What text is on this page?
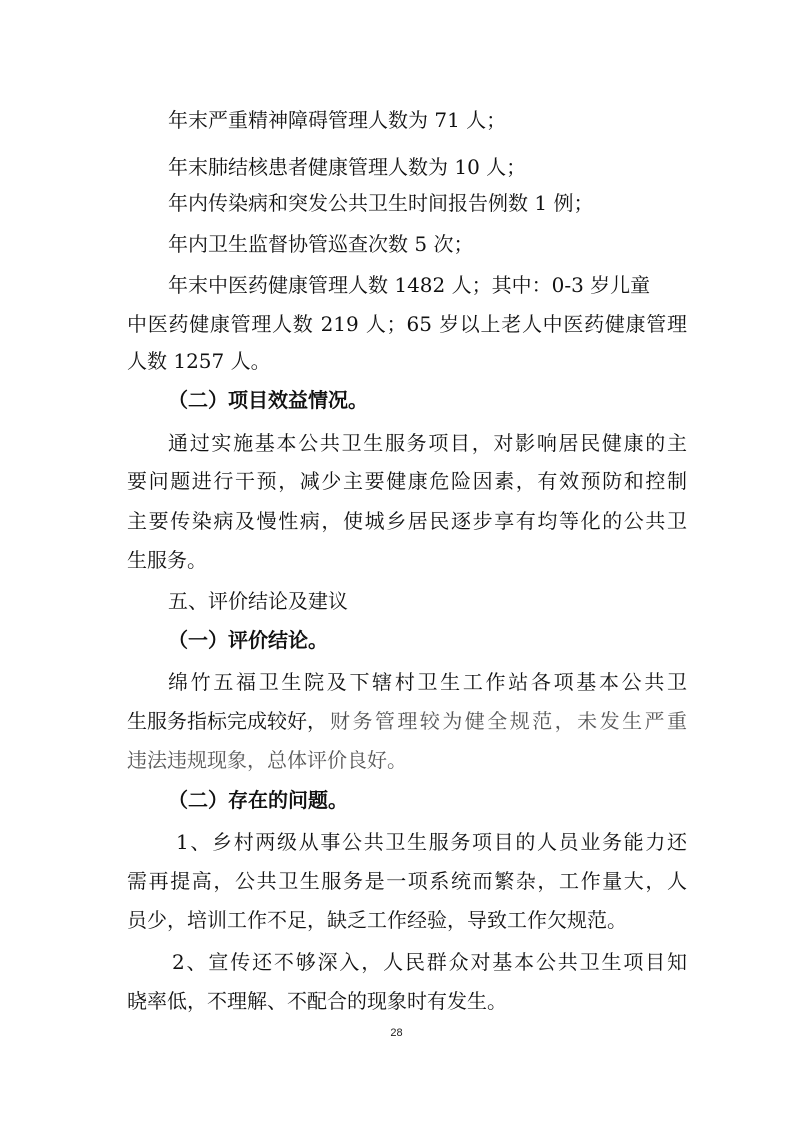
年末严重精神障碍管理人数为 71 人；
年末肺结核患者健康管理人数为 10 人；
年内传染病和突发公共卫生时间报告例数 1 例；
年内卫生监督协管巡查次数 5 次；
年末中医药健康管理人数 1482 人；其中：0-3 岁儿童
中医药健康管理人数 219 人；65 岁以上老人中医药健康管理
人数 1257 人。
（二）项目效益情况。
通过实施基本公共卫生服务项目，对影响居民健康的主
要问题进行干预，减少主要健康危险因素，有效预防和控制
主要传染病及慢性病，使城乡居民逐步享有均等化的公共卫
生服务。
五、评价结论及建议
（一）评价结论。
绵竹五福卫生院及下辖村卫生工作站各项基本公共卫
生服务指标完成较好， 财务管理较为健全规范，未发生严重
违法违规现象，总体评价良好。
（二）存在的问题。
1、乡村两级从事公共卫生服务项目的人员业务能力还
需再提高，公共卫生服务是一项系统而繁杂，工作量大，人
员少，培训工作不足，缺乏工作经验，导致工作欠规范。
2、宣传还不够深入，人民群众对基本公共卫生项目知
晓率低，不理解、不配合的现象时有发生。
28
